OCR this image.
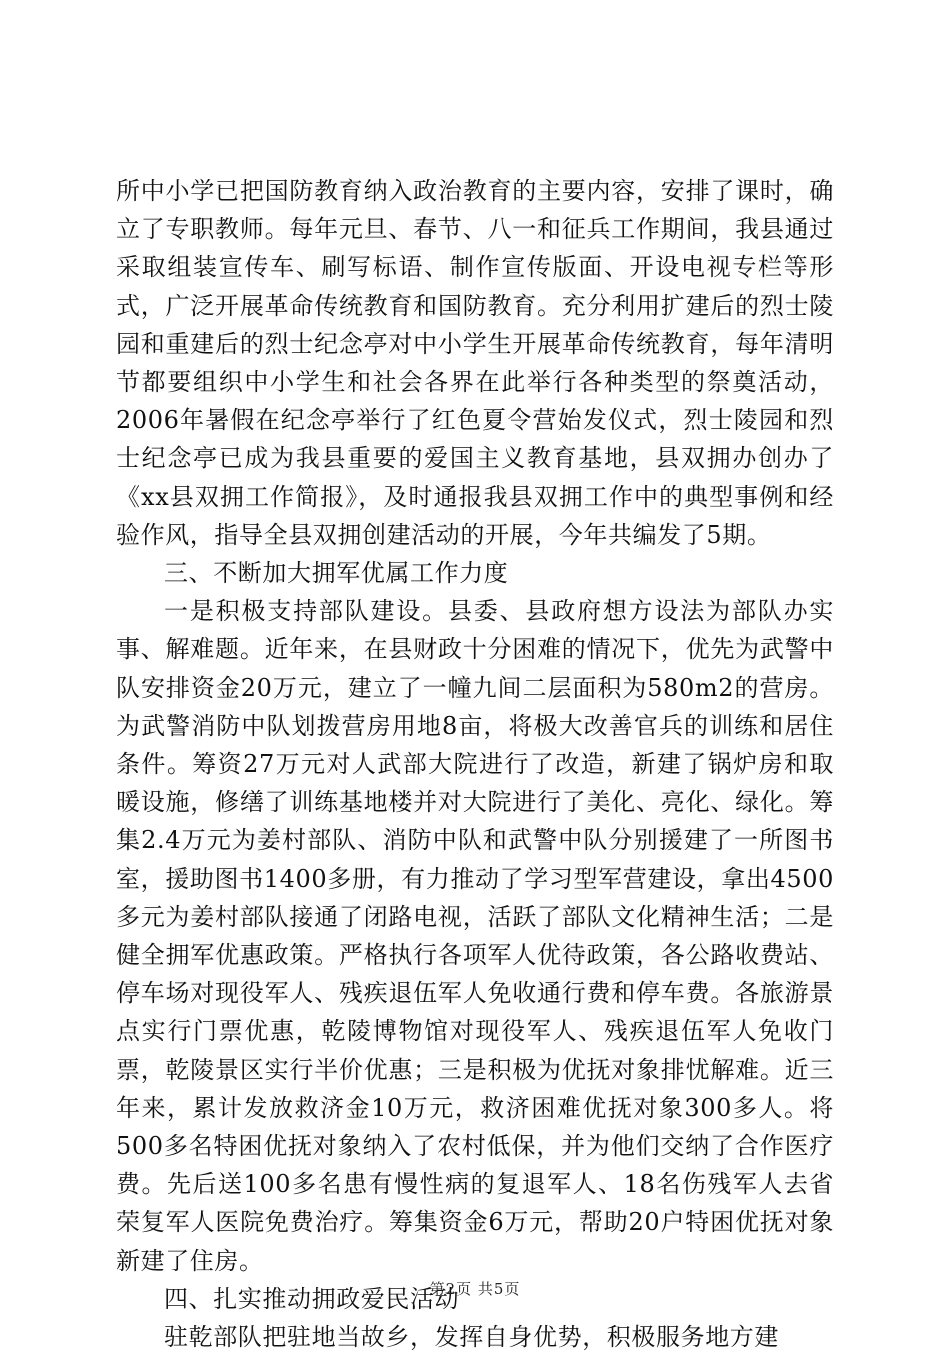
所中小学已把国防教育纳入政治教育的主要内容，安排了课时，确立了专职教师。每年元旦、春节、八一和征兵工作期间，我县通过采取组装宣传车、刷写标语、制作宣传版面、开设电视专栏等形式，广泛开展革命传统教育和国防教育。充分利用扩建后的烈士陵园和重建后的烈士纪念亭对中小学生开展革命传统教育，每年清明节都要组织中小学生和社会各界在此举行各种类型的祭奠活动，2006年暑假在纪念亭举行了红色夏令营始发仪式，烈士陵园和烈士纪念亭已成为我县重要的爱国主义教育基地，县双拥办创办了《xx县双拥工作简报》，及时通报我县双拥工作中的典型事例和经验作风，指导全县双拥创建活动的开展，今年共编发了5期。

三、不断加大拥军优属工作力度

一是积极支持部队建设。县委、县政府想方设法为部队办实事、解难题。近年来，在县财政十分困难的情况下，优先为武警中队安排资金20万元，建立了一幢九间二层面积为580m2的营房。为武警消防中队划拨营房用地8亩，将极大改善官兵的训练和居住条件。筹资27万元对人武部大院进行了改造，新建了锅炉房和取暖设施，修缮了训练基地楼并对大院进行了美化、亮化、绿化。筹集2.4万元为姜村部队、消防中队和武警中队分别援建了一所图书室，援助图书1400多册，有力推动了学习型军营建设，拿出4500多元为姜村部队接通了闭路电视，活跃了部队文化精神生活；二是健全拥军优惠政策。严格执行各项军人优待政策，各公路收费站、停车场对现役军人、残疾退伍军人免收通行费和停车费。各旅游景点实行门票优惠，乾陵博物馆对现役军人、残疾退伍军人免收门票，乾陵景区实行半价优惠；三是积极为优抚对象排忧解难。近三年来，累计发放救济金10万元，救济困难优抚对象300多人。将500多名特困优抚对象纳入了农村低保，并为他们交纳了合作医疗费。先后送100多名患有慢性病的复退军人、18名伤残军人去省荣复军人医院免费治疗。筹集资金6万元，帮助20户特困优抚对象新建了住房。

四、扎实推动拥政爱民活动

驻乾部队把驻地当故乡，发挥自身优势，积极服务地方建

第2页 共5页
